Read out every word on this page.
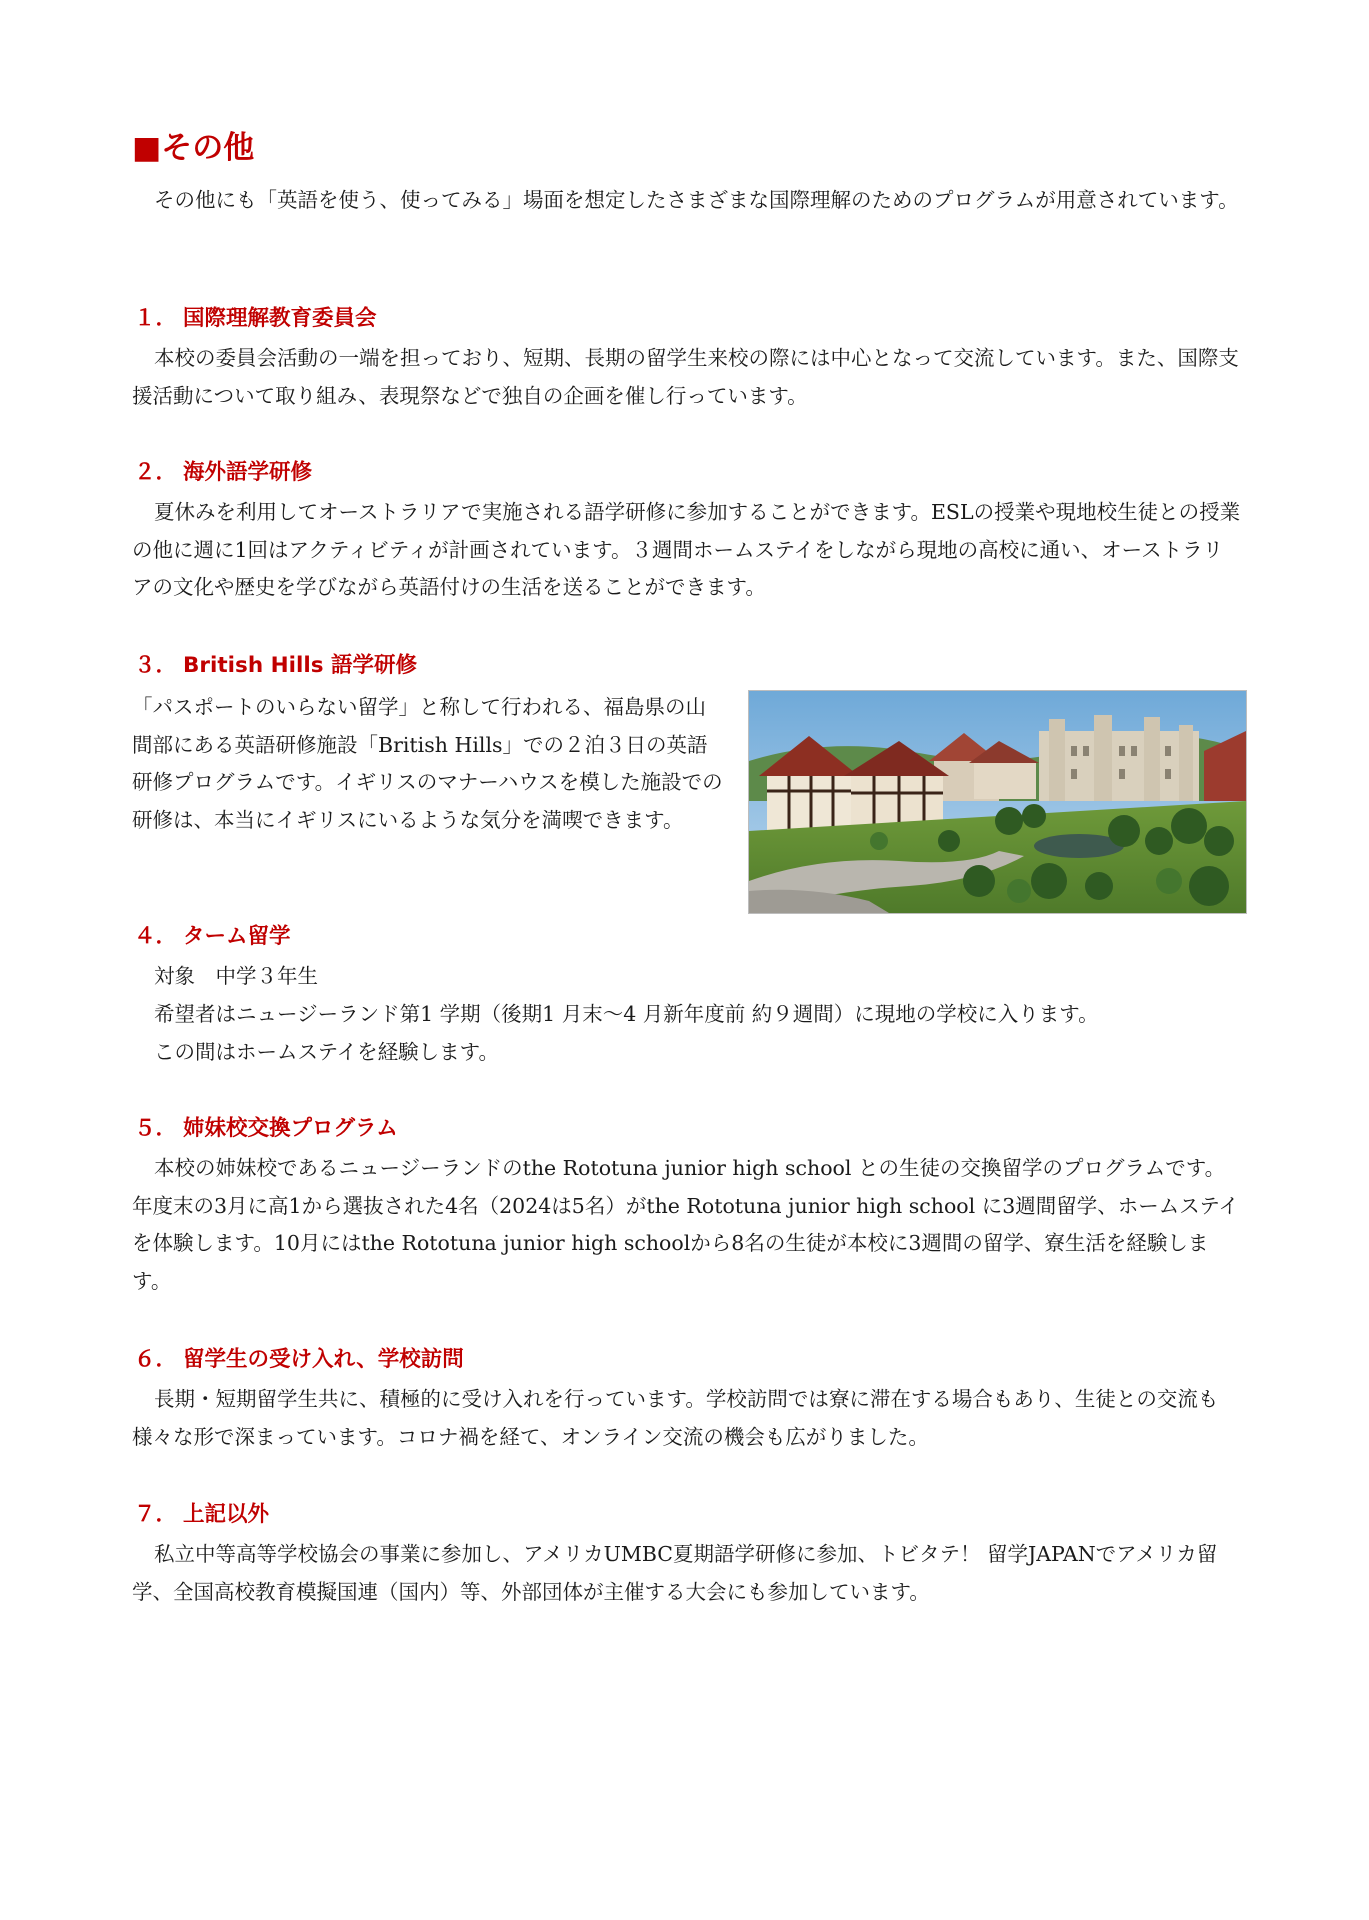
■その他

その他にも「英語を使う、使ってみる」場面を想定したさまざまな国際理解のためのプログラムが用意されています。

１． 国際理解教育委員会

本校の委員会活動の一端を担っており、短期、長期の留学生来校の際には中心となって交流しています。また、国際支援活動について取り組み、表現祭などで独自の企画を催し行っています。

２． 海外語学研修

夏休みを利用してオーストラリアで実施される語学研修に参加することができます。ESLの授業や現地校生徒との授業の他に週に1回はアクティビティが計画されています。３週間ホームステイをしながら現地の高校に通い、オーストラリアの文化や歴史を学びながら英語付けの生活を送ることができます。

３． British Hills 語学研修

「パスポートのいらない留学」と称して行われる、福島県の山間部にある英語研修施設「British Hills」での２泊３日の英語研修プログラムです。イギリスのマナーハウスを模した施設での研修は、本当にイギリスにいるような気分を満喫できます。

４． ターム留学

対象　中学３年生

希望者はニュージーランド第1 学期（後期1 月末～4 月新年度前 約９週間）に現地の学校に入ります。

この間はホームステイを経験します。

５． 姉妹校交換プログラム

本校の姉妹校であるニュージーランドのthe Rototuna junior high school との生徒の交換留学のプログラムです。年度末の3月に高1から選抜された4名（2024は5名）がthe Rototuna junior high school に3週間留学、ホームステイを体験します。10月にはthe Rototuna junior high schoolから8名の生徒が本校に3週間の留学、寮生活を経験します。

６． 留学生の受け入れ、学校訪問

長期・短期留学生共に、積極的に受け入れを行っています。学校訪問では寮に滞在する場合もあり、生徒との交流も様々な形で深まっています。コロナ禍を経て、オンライン交流の機会も広がりました。

７． 上記以外

私立中等高等学校協会の事業に参加し、アメリカUMBC夏期語学研修に参加、トビタテ！ 留学JAPANでアメリカ留学、全国高校教育模擬国連（国内）等、外部団体が主催する大会にも参加しています。
